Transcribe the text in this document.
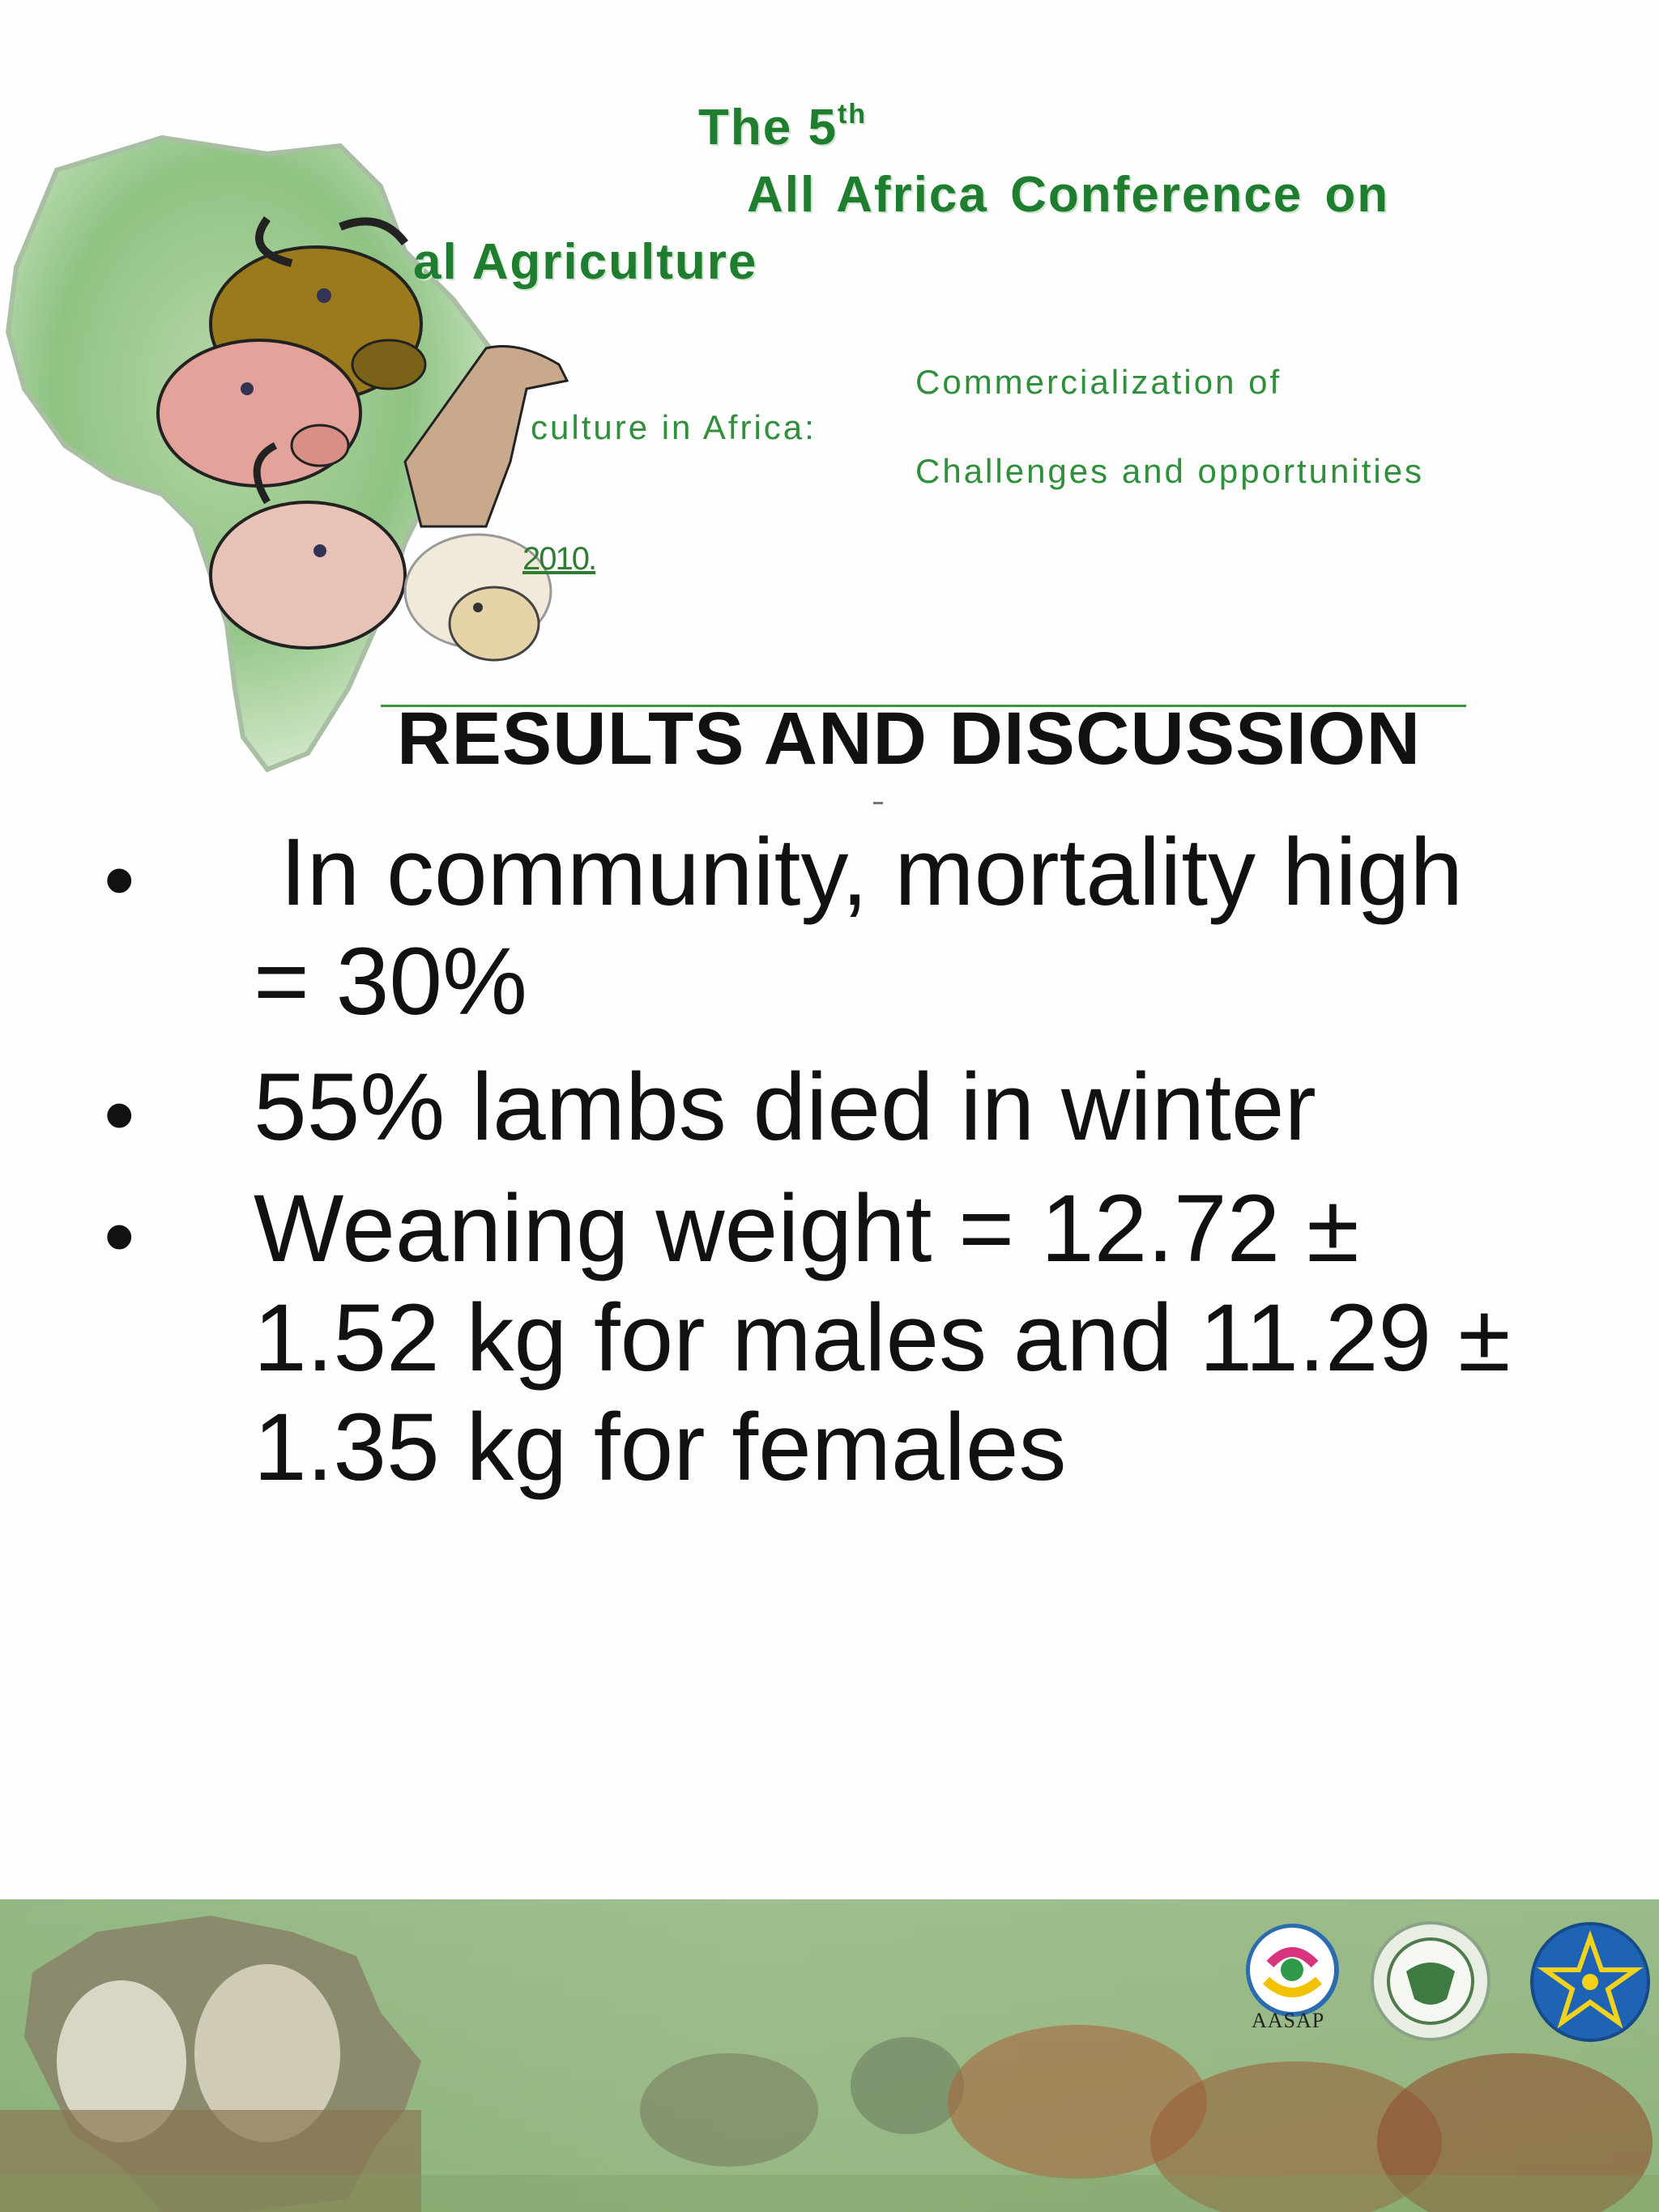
The 5th
All Africa Conference on
al Agriculture
Commercialization of
culture in Africa:
Challenges and opportunities
2010.
RESULTS AND DISCUSSION
• In community, mortality high = 30%
• 55% lambs died in winter
• Weaning weight = 12.72 ± 1.52 kg for males and 11.29 ± 1.35 kg for females
AASAP
